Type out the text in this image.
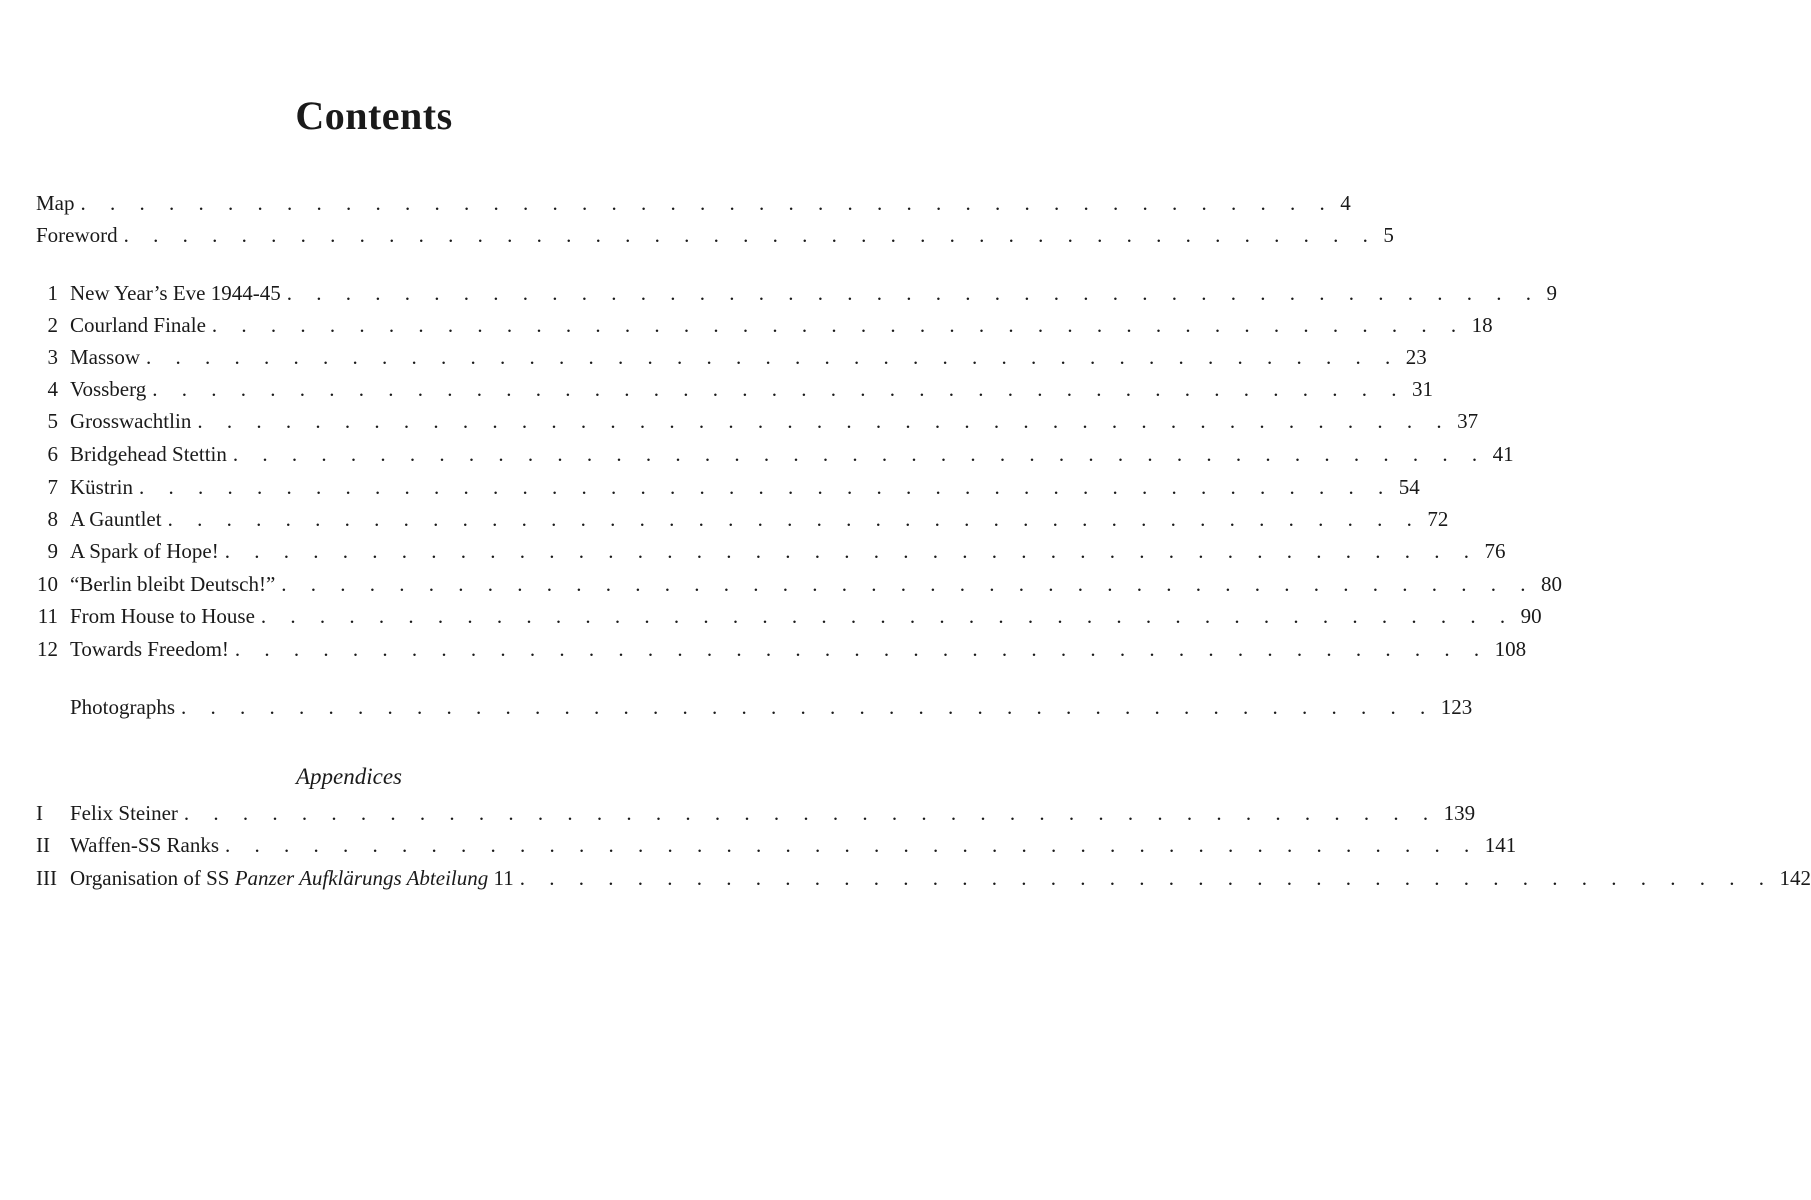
Contents
Map . . . . . . . . . . . . . . . . . . . . . . . . . . . . . . . . . . . . . . . . . . . 4
Foreword . . . . . . . . . . . . . . . . . . . . . . . . . . . . . . . . . . . . . . . . . . . 5
1 New Year’s Eve 1944-45 . . . . . . . . . . . . . . . . . . . . . . . . . . . . . . . . . . . . . . . . . . . 9
2 Courland Finale . . . . . . . . . . . . . . . . . . . . . . . . . . . . . . . . . . . . . . . . . . . 18
3 Massow . . . . . . . . . . . . . . . . . . . . . . . . . . . . . . . . . . . . . . . . . . . 23
4 Vossberg . . . . . . . . . . . . . . . . . . . . . . . . . . . . . . . . . . . . . . . . . . . 31
5 Grosswachtlin . . . . . . . . . . . . . . . . . . . . . . . . . . . . . . . . . . . . . . . . . . . 37
6 Bridgehead Stettin . . . . . . . . . . . . . . . . . . . . . . . . . . . . . . . . . . . . . . . . . . . 41
7 Küstrin . . . . . . . . . . . . . . . . . . . . . . . . . . . . . . . . . . . . . . . . . . . 54
8 A Gauntlet . . . . . . . . . . . . . . . . . . . . . . . . . . . . . . . . . . . . . . . . . . . 72
9 A Spark of Hope! . . . . . . . . . . . . . . . . . . . . . . . . . . . . . . . . . . . . . . . . . . . 76
10 “Berlin bleibt Deutsch!” . . . . . . . . . . . . . . . . . . . . . . . . . . . . . . . . . . . . . . . . . . . 80
11 From House to House . . . . . . . . . . . . . . . . . . . . . . . . . . . . . . . . . . . . . . . . . . . 90
12 Towards Freedom! . . . . . . . . . . . . . . . . . . . . . . . . . . . . . . . . . . . . . . . . . . . 108
Photographs . . . . . . . . . . . . . . . . . . . . . . . . . . . . . . . . . . . . . . . . . . . 123
Appendices
I Felix Steiner . . . . . . . . . . . . . . . . . . . . . . . . . . . . . . . . . . . . . . . . . . . 139
II Waffen-SS Ranks . . . . . . . . . . . . . . . . . . . . . . . . . . . . . . . . . . . . . . . . . . . 141
III Organisation of SS Panzer Aufklärungs Abteilung 11 . . . . . . . . . . . . . . . . . . . . . . . . . . . . . . . . . . . . . . . . . . . 142
